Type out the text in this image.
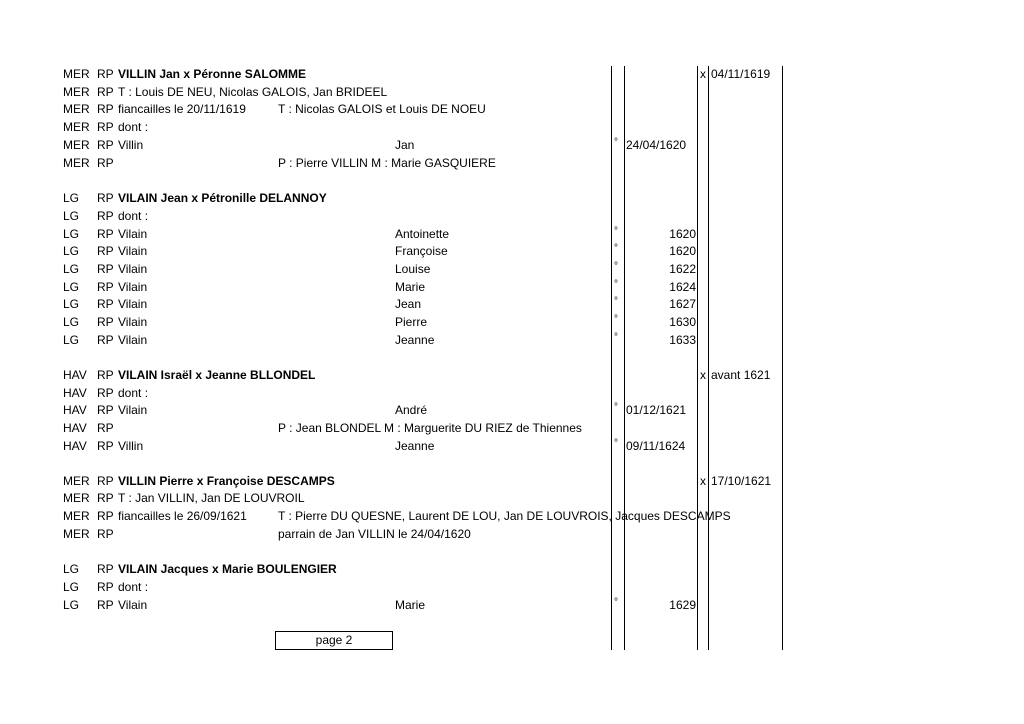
MER RP VILLIN Jan x Péronne SALOMME	x 04/11/1619
MER RP T : Louis DE NEU, Nicolas GALOIS, Jan BRIDEEL
MER RP fiancailles le 20/11/1619	T : Nicolas GALOIS et Louis DE NOEU
MER RP dont :
MER RP Villin	Jan	° 24/04/1620
MER RP	P : Pierre VILLIN M : Marie GASQUIERE
LG RP VILAIN Jean x Pétronille DELANNOY
LG RP dont :
LG RP Vilain	Antoinette	°	1620
LG RP Vilain	Françoise	°	1620
LG RP Vilain	Louise	°	1622
LG RP Vilain	Marie	°	1624
LG RP Vilain	Jean	°	1627
LG RP Vilain	Pierre	°	1630
LG RP Vilain	Jeanne	°	1633
HAV RP VILAIN Israël x Jeanne BLLONDEL	x avant 1621
HAV RP dont :
HAV RP Vilain	André	° 01/12/1621
HAV RP	P : Jean BLONDEL M : Marguerite DU RIEZ de Thiennes
HAV RP Villin	Jeanne	° 09/11/1624
MER RP VILLIN Pierre x Françoise DESCAMPS	x 17/10/1621
MER RP T : Jan VILLIN, Jan DE LOUVROIL
MER RP fiancailles le 26/09/1621	T : Pierre DU QUESNE, Laurent DE LOU, Jan DE LOUVROIS, Jacques DESCAMPS
MER RP	parrain de Jan VILLIN le 24/04/1620
LG RP VILAIN Jacques x Marie BOULENGIER
LG RP dont :
LG RP Vilain	Marie	°	1629
page 2
